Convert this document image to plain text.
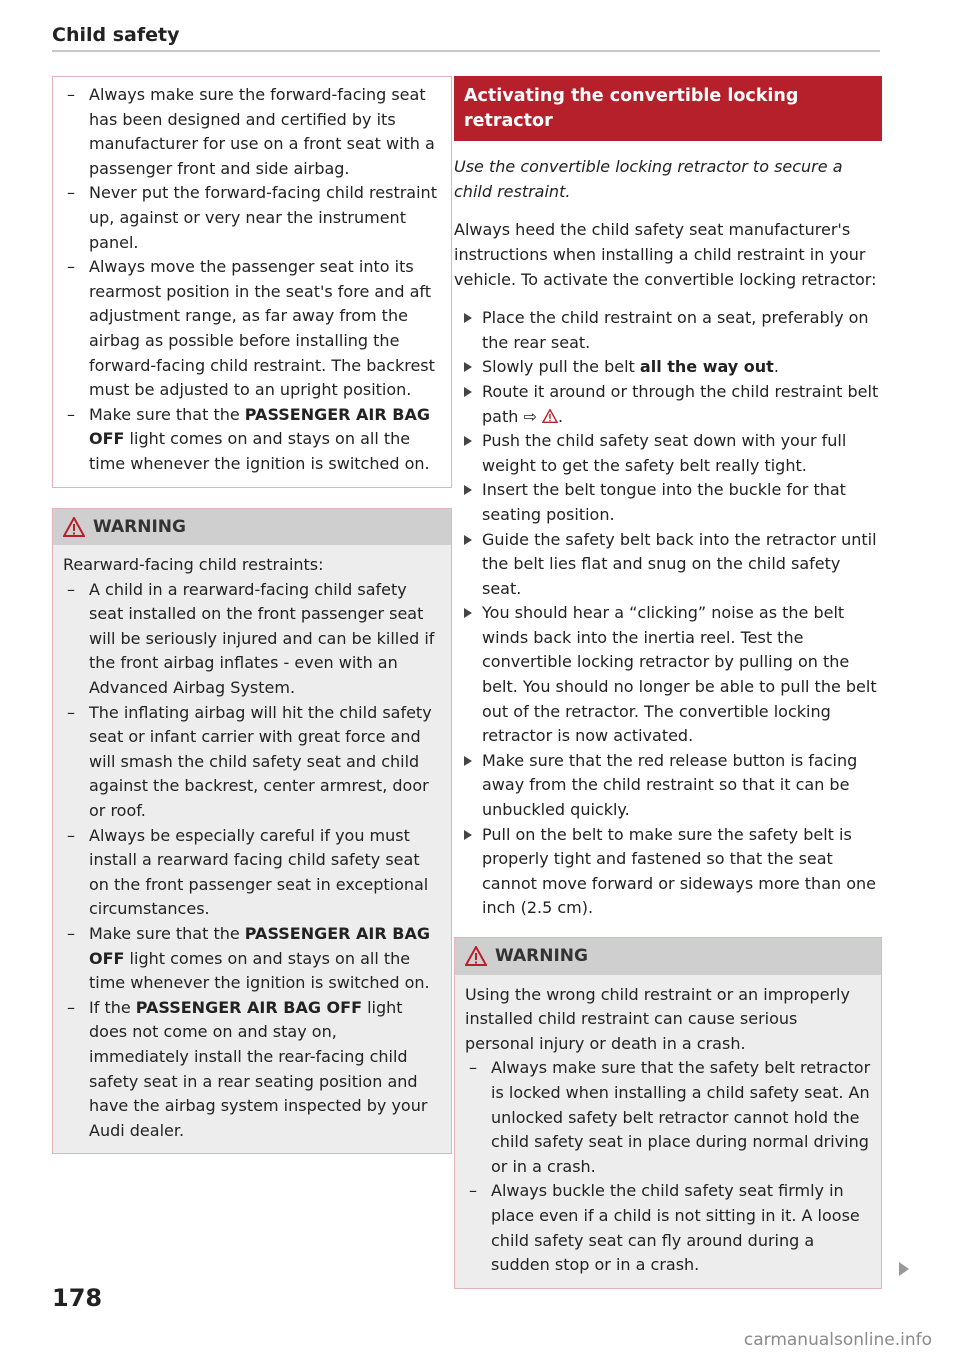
Child safety
– Always make sure the forward-facing seat has been designed and certified by its manufacturer for use on a front seat with a passenger front and side airbag.
– Never put the forward-facing child restraint up, against or very near the instrument panel.
– Always move the passenger seat into its rearmost position in the seat's fore and aft adjustment range, as far away from the airbag as possible before installing the forward-facing child restraint. The backrest must be adjusted to an upright position.
– Make sure that the PASSENGER AIR BAG OFF light comes on and stays on all the time whenever the ignition is switched on.
WARNING
Rearward-facing child restraints:
– A child in a rearward-facing child safety seat installed on the front passenger seat will be seriously injured and can be killed if the front airbag inflates - even with an Advanced Airbag System.
– The inflating airbag will hit the child safety seat or infant carrier with great force and will smash the child safety seat and child against the backrest, center armrest, door or roof.
– Always be especially careful if you must install a rearward facing child safety seat on the front passenger seat in exceptional circumstances.
– Make sure that the PASSENGER AIR BAG OFF light comes on and stays on all the time whenever the ignition is switched on.
– If the PASSENGER AIR BAG OFF light does not come on and stay on, immediately install the rear-facing child safety seat in a rear seating position and have the airbag system inspected by your Audi dealer.
Activating the convertible locking retractor
Use the convertible locking retractor to secure a child restraint.

Always heed the child safety seat manufacturer's instructions when installing a child restraint in your vehicle. To activate the convertible locking retractor:

Place the child restraint on a seat, preferably on the rear seat.
Slowly pull the belt all the way out.
Route it around or through the child restraint belt path ⇨ .
Push the child safety seat down with your full weight to get the safety belt really tight.
Insert the belt tongue into the buckle for that seating position.
Guide the safety belt back into the retractor until the belt lies flat and snug on the child safety seat.
You should hear a “clicking” noise as the belt winds back into the inertia reel. Test the convertible locking retractor by pulling on the belt. You should no longer be able to pull the belt out of the retractor. The convertible locking retractor is now activated.
Make sure that the red release button is facing away from the child restraint so that it can be unbuckled quickly.
Pull on the belt to make sure the safety belt is properly tight and fastened so that the seat cannot move forward or sideways more than one inch (2.5 cm).
WARNING
Using the wrong child restraint or an improperly installed child restraint can cause serious personal injury or death in a crash.
– Always make sure that the safety belt retractor is locked when installing a child safety seat. An unlocked safety belt retractor cannot hold the child safety seat in place during normal driving or in a crash.
– Always buckle the child safety seat firmly in place even if a child is not sitting in it. A loose child safety seat can fly around during a sudden stop or in a crash.
178
carmanualsonline.info
